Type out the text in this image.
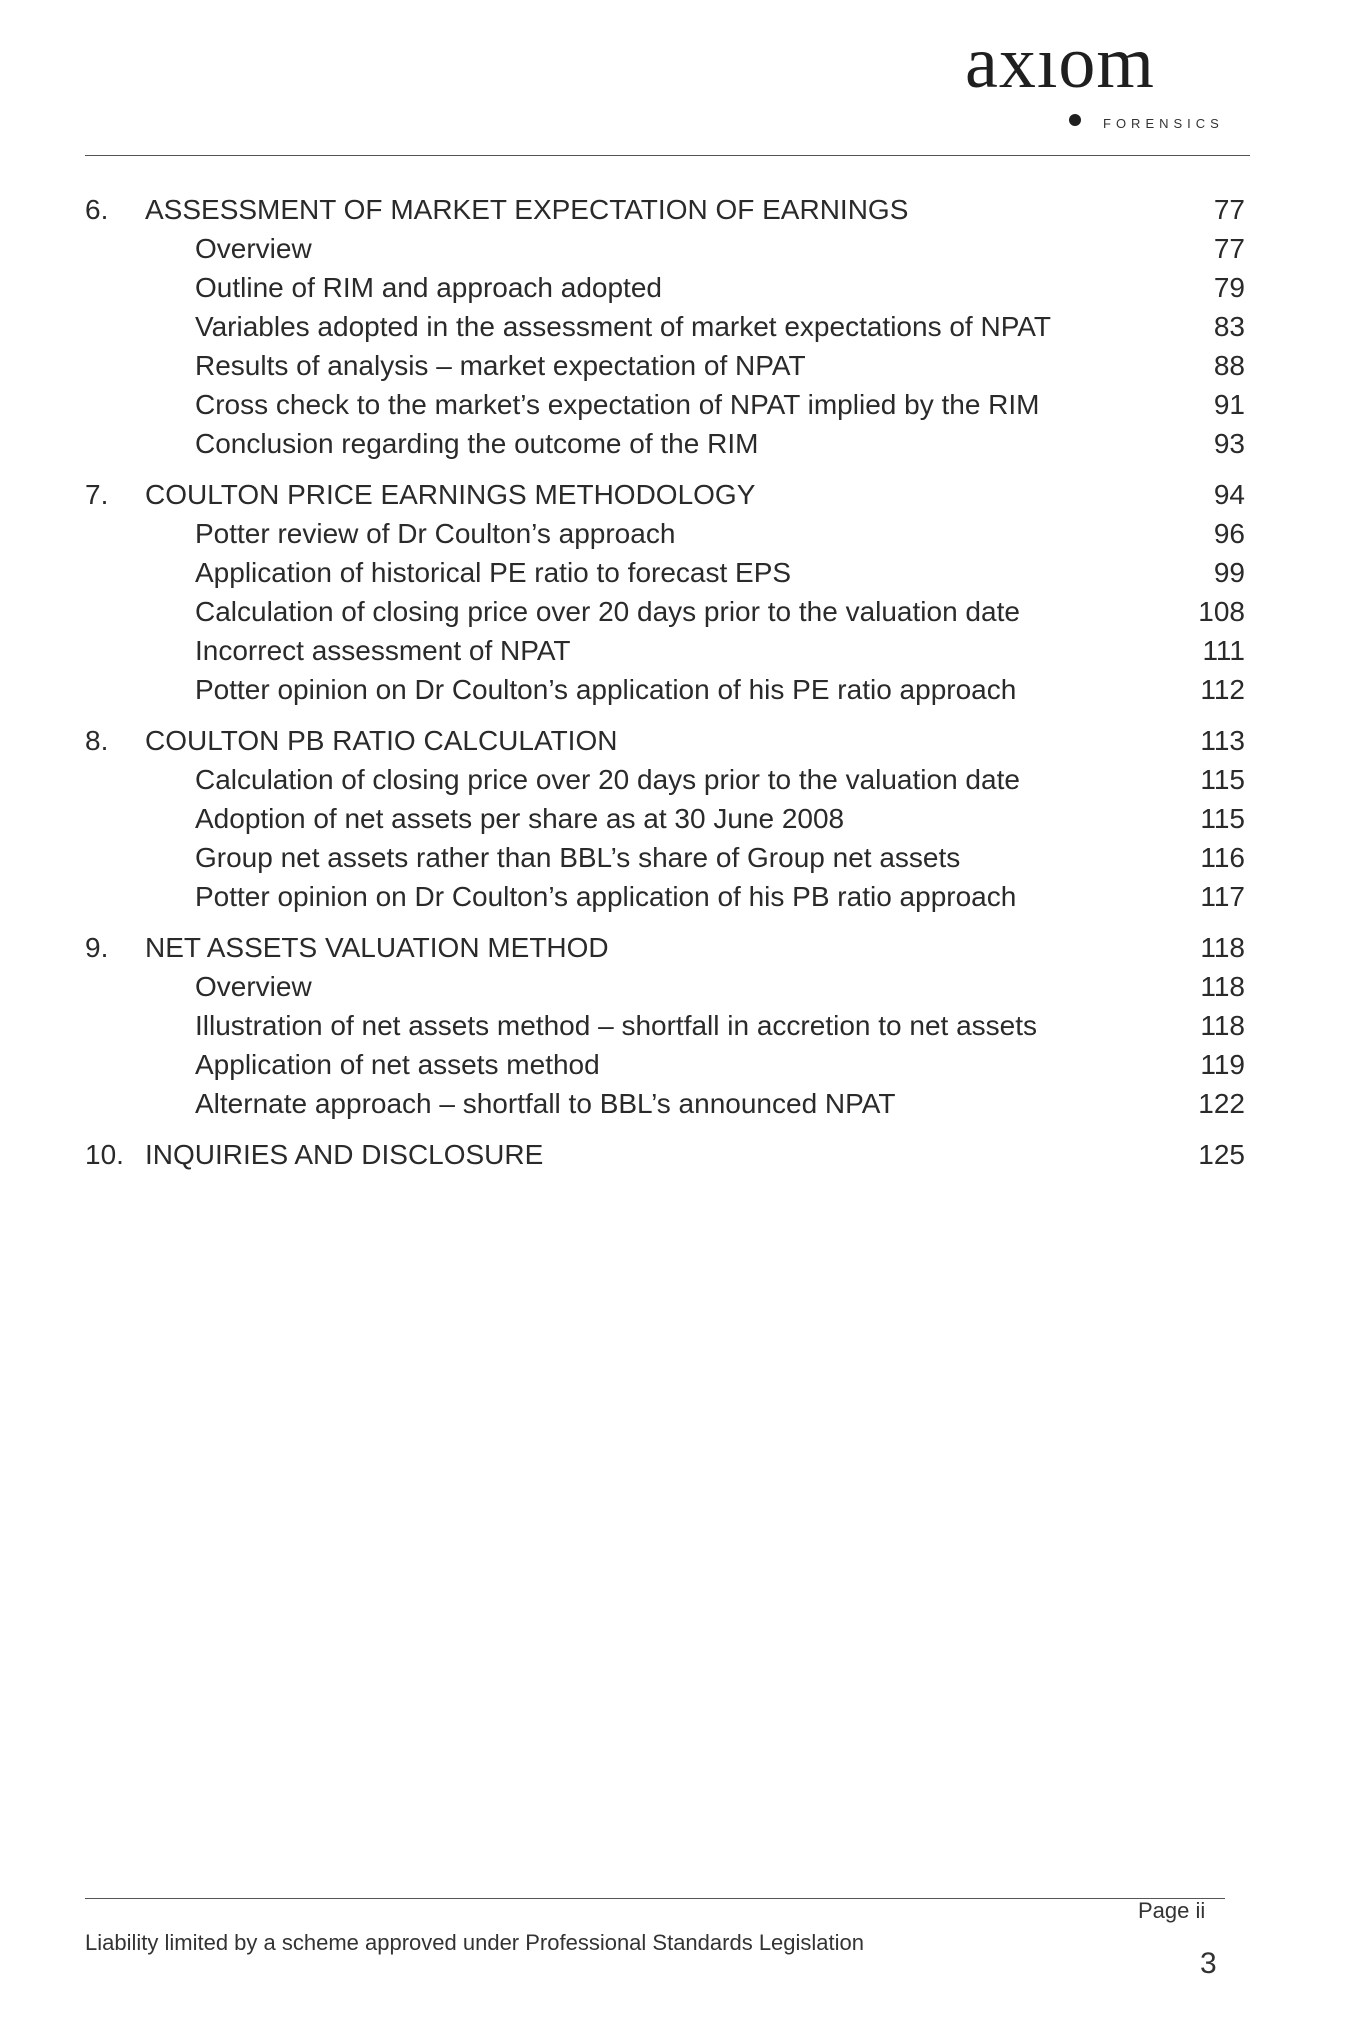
axıom
FORENSICS
6.	ASSESSMENT OF MARKET EXPECTATION OF EARNINGS	77
Overview	77
Outline of RIM and approach adopted	79
Variables adopted in the assessment of market expectations of NPAT	83
Results of analysis – market expectation of NPAT	88
Cross check to the market’s expectation of NPAT implied by the RIM	91
Conclusion regarding the outcome of the RIM	93
7.	COULTON PRICE EARNINGS METHODOLOGY	94
Potter review of Dr Coulton’s approach	96
Application of historical PE ratio to forecast EPS	99
Calculation of closing price over 20 days prior to the valuation date	108
Incorrect assessment of NPAT	111
Potter opinion on Dr Coulton’s application of his PE ratio approach	112
8.	COULTON PB RATIO CALCULATION	113
Calculation of closing price over 20 days prior to the valuation date	115
Adoption of net assets per share as at 30 June 2008	115
Group net assets rather than BBL’s share of Group net assets	116
Potter opinion on Dr Coulton’s application of his PB ratio approach	117
9.	NET ASSETS VALUATION METHOD	118
Overview	118
Illustration of net assets method – shortfall in accretion to net assets	118
Application of net assets method	119
Alternate approach – shortfall to BBL’s announced NPAT	122
10. INQUIRIES AND DISCLOSURE	125
Page ii
Liability limited by a scheme approved under Professional Standards Legislation
3
